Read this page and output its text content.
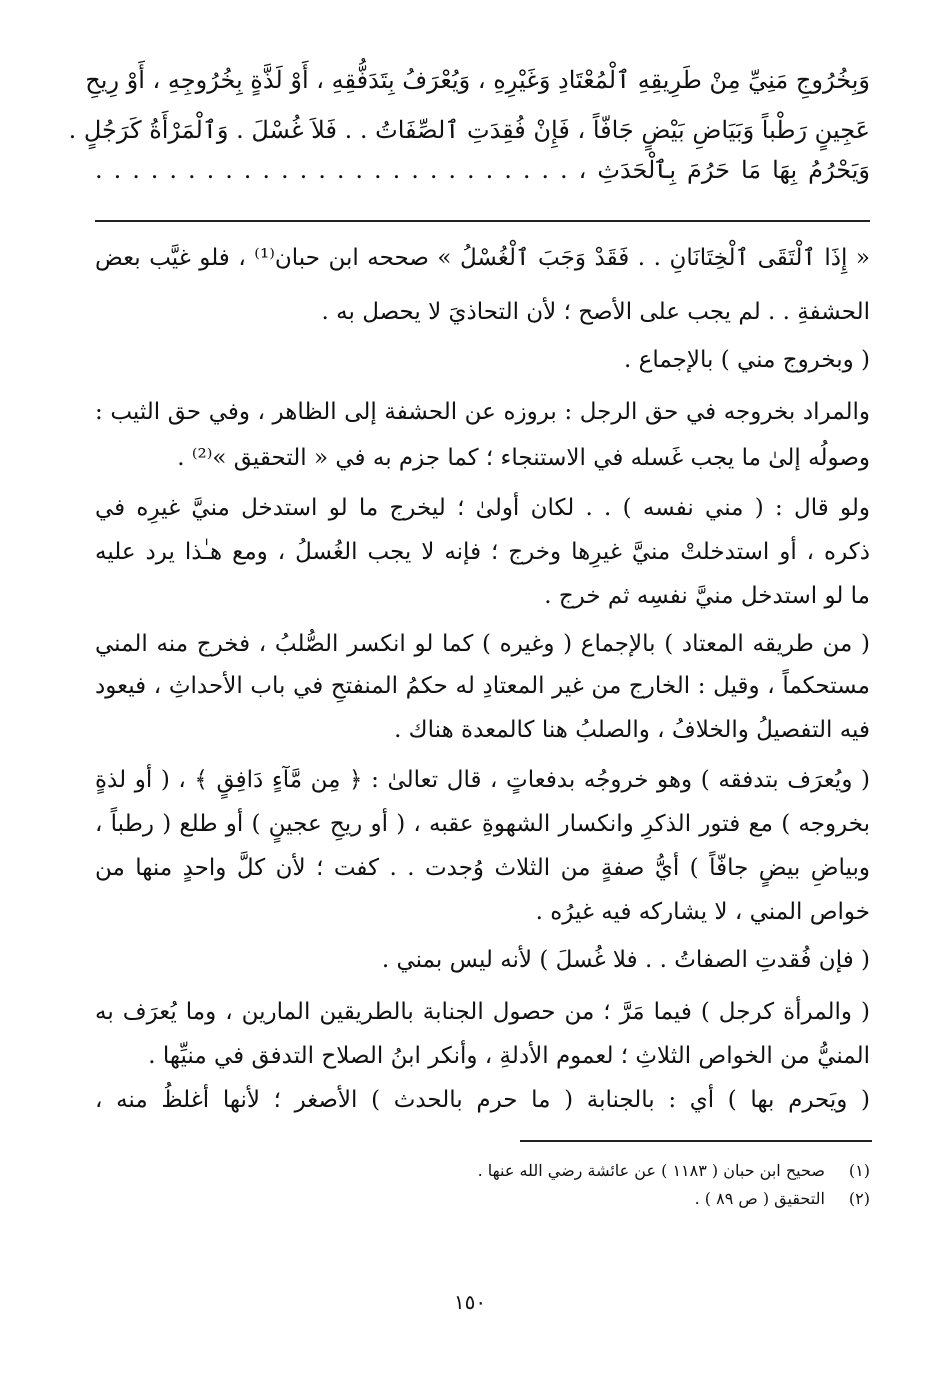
وَبِخُرُوجِ مَنِيِّ مِنْ طَرِيقِهِ ٱلْمُعْتَادِ وَغَيْرِهِ ، وَيُعْرَفُ بِتَدَفُّقِهِ ، أَوْ لَذَّةٍ بِخُرُوجِهِ ، أَوْ رِيحِ
عَجِينٍ رَطْباً وَبَيَاضِ بَيْضٍ جَافّاً ، فَإِنْ فُقِدَتِ ٱلصِّفَاتُ . . فَلاَ غُسْلَ . وَٱلْمَرْأَةُ كَرَجُلٍ .
وَيَحْرُمُ بِهَا مَا حَرُمَ بِٱلْحَدَثِ ، . . . . . . . . . . . . . . . . . . . . . . . . . .
« إِذَا ٱلْتَقَى ٱلْخِتَانَانِ . . فَقَدْ وَجَبَ ٱلْغُسْلُ » صححه ابن حبان⁽¹⁾ ، فلو غيَّب بعض
الحشفةِ . . لم يجب على الأصح ؛ لأن التحاذيَ لا يحصل به .
( وبخروج مني ) بالإجماع .
والمراد بخروجه في حق الرجل : بروزه عن الحشفة إلى الظاهر ، وفي حق الثيب :
وصولُه إلىٰ ما يجب غَسله في الاستنجاء ؛ كما جزم به في « التحقيق »⁽²⁾ .
ولو قال : ( مني نفسه ) . . لكان أولىٰ ؛ ليخرج ما لو استدخل منيَّ غيرِه في
ذكره ، أو استدخلتْ منيَّ غيرِها وخرج ؛ فإنه لا يجب الغُسلُ ، ومع هـٰذا يرد عليه
ما لو استدخل منيَّ نفسِه ثم خرج .
( من طريقه المعتاد ) بالإجماع ( وغيره ) كما لو انكسر الصُّلبُ ، فخرج منه المني
مستحكماً ، وقيل : الخارج من غير المعتادِ له حكمُ المنفتحِ في باب الأحداثِ ، فيعود
فيه التفصيلُ والخلافُ ، والصلبُ هنا كالمعدة هناك .
( ويُعرَف بتدفقه ) وهو خروجُه بدفعاتٍ ، قال تعالىٰ : ﴿ مِن مَّآءٍ دَافِقٍ ﴾ ، ( أو لذةٍ
بخروجه ) مع فتور الذكرِ وانكسار الشهوةِ عقبه ، ( أو ريحِ عجينٍ ) أو طلع ( رطباً ،
وبياضِ بيضٍ جافّاً ) أيُّ صفةٍ من الثلاث وُجدت . . كفت ؛ لأن كلَّ واحدٍ منها من
خواص المني ، لا يشاركه فيه غيرُه .
( فإن فُقدتِ الصفاتُ . . فلا غُسلَ ) لأنه ليس بمني .
( والمرأة كرجل ) فيما مَرَّ ؛ من حصول الجنابة بالطريقين المارين ، وما يُعرَف به
المنيُّ من الخواص الثلاثِ ؛ لعموم الأدلةِ ، وأنكر ابنُ الصلاح التدفق في منيِّها .
( ويَحرم بها ) أي : بالجنابة ( ما حرم بالحدث ) الأصغر ؛ لأنها أغلظُ منه ،
(١) صحيح ابن حبان ( ١١٨٣ ) عن عائشة رضي الله عنها .
(٢) التحقيق ( ص ٨٩ ) .
١٥٠
